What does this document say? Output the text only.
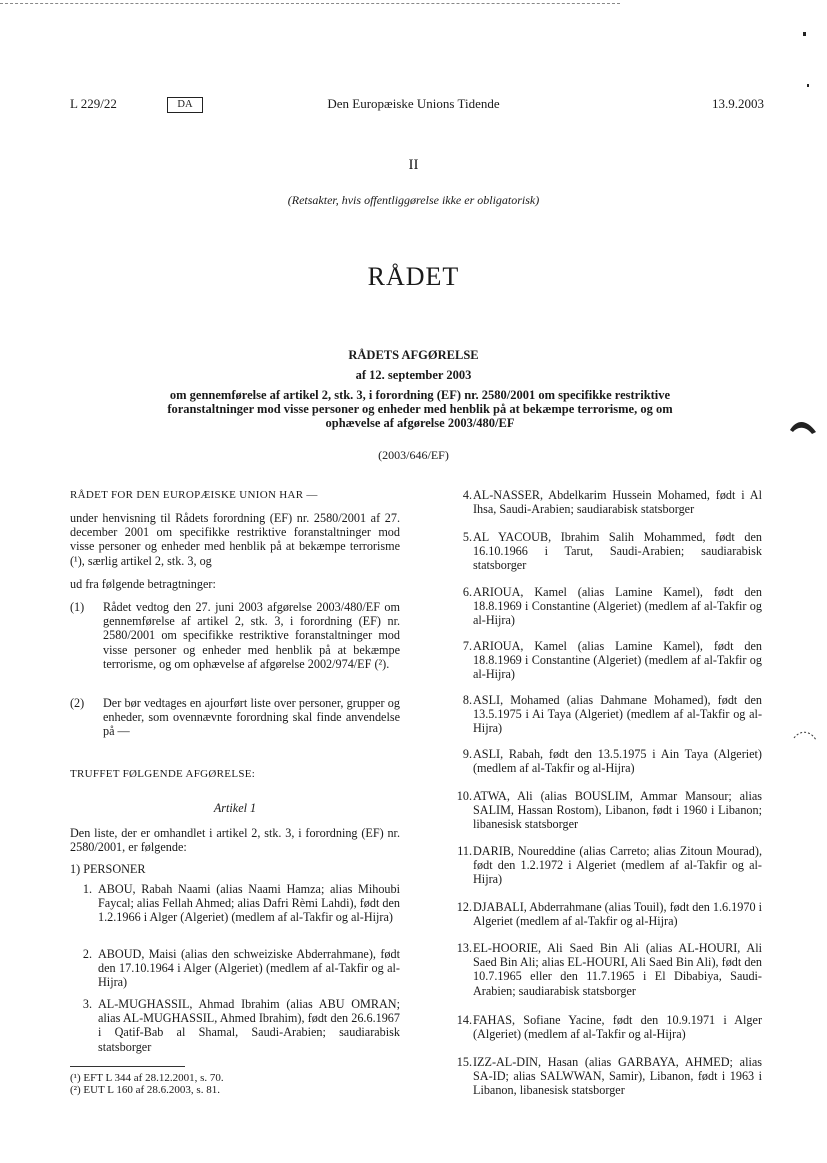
L 229/22	DA	Den Europæiske Unions Tidende	13.9.2003
II
(Retsakter, hvis offentliggørelse ikke er obligatorisk)
RÅDET
RÅDETS AFGØRELSE
af 12. september 2003
om gennemførelse af artikel 2, stk. 3, i forordning (EF) nr. 2580/2001 om specifikke restriktive foranstaltninger mod visse personer og enheder med henblik på at bekæmpe terrorisme, og om ophævelse af afgørelse 2003/480/EF
(2003/646/EF)
RÅDET FOR DEN EUROPÆISKE UNION HAR —
under henvisning til Rådets forordning (EF) nr. 2580/2001 af 27. december 2001 om specifikke restriktive foranstaltninger mod visse personer og enheder med henblik på at bekæmpe terrorisme (¹), særlig artikel 2, stk. 3, og
ud fra følgende betragtninger:
(1) Rådet vedtog den 27. juni 2003 afgørelse 2003/480/EF om gennemførelse af artikel 2, stk. 3, i forordning (EF) nr. 2580/2001 om specifikke restriktive foranstaltninger mod visse personer og enheder med henblik på at bekæmpe terrorisme, og om ophævelse af afgørelse 2002/974/EF (²).
(2) Der bør vedtages en ajourført liste over personer, grupper og enheder, som ovennævnte forordning skal finde anvendelse på —
TRUFFET FØLGENDE AFGØRELSE:
Artikel 1
Den liste, der er omhandlet i artikel 2, stk. 3, i forordning (EF) nr. 2580/2001, er følgende:
1) PERSONER
1. ABOU, Rabah Naami (alias Naami Hamza; alias Mihoubi Faycal; alias Fellah Ahmed; alias Dafri Rèmi Lahdi), født den 1.2.1966 i Alger (Algeriet) (medlem af al-Takfir og al-Hijra)
2. ABOUD, Maisi (alias den schweiziske Abderrahmane), født den 17.10.1964 i Alger (Algeriet) (medlem af al-Takfir og al-Hijra)
3. AL-MUGHASSIL, Ahmad Ibrahim (alias ABU OMRAN; alias AL-MUGHASSIL, Ahmed Ibrahim), født den 26.6.1967 i Qatif-Bab al Shamal, Saudi-Arabien; saudiarabisk statsborger
(¹) EFT L 344 af 28.12.2001, s. 70.
(²) EUT L 160 af 28.6.2003, s. 81.
4. AL-NASSER, Abdelkarim Hussein Mohamed, født i Al Ihsa, Saudi-Arabien; saudiarabisk statsborger
5. AL YACOUB, Ibrahim Salih Mohammed, født den 16.10.1966 i Tarut, Saudi-Arabien; saudiarabisk statsborger
6. ARIOUA, Kamel (alias Lamine Kamel), født den 18.8.1969 i Constantine (Algeriet) (medlem af al-Takfir og al-Hijra)
7. ARIOUA, Kamel (alias Lamine Kamel), født den 18.8.1969 i Constantine (Algeriet) (medlem af al-Takfir og al-Hijra)
8. ASLI, Mohamed (alias Dahmane Mohamed), født den 13.5.1975 i Ai Taya (Algeriet) (medlem af al-Takfir og al-Hijra)
9. ASLI, Rabah, født den 13.5.1975 i Ain Taya (Algeriet) (medlem af al-Takfir og al-Hijra)
10. ATWA, Ali (alias BOUSLIM, Ammar Mansour; alias SALIM, Hassan Rostom), Libanon, født i 1960 i Libanon; libanesisk statsborger
11. DARIB, Noureddine (alias Carreto; alias Zitoun Mourad), født den 1.2.1972 i Algeriet (medlem af al-Takfir og al-Hijra)
12. DJABALI, Abderrahmane (alias Touil), født den 1.6.1970 i Algeriet (medlem af al-Takfir og al-Hijra)
13. EL-HOORIE, Ali Saed Bin Ali (alias AL-HOURI, Ali Saed Bin Ali; alias EL-HOURI, Ali Saed Bin Ali), født den 10.7.1965 eller den 11.7.1965 i El Dibabiya, Saudi-Arabien; saudiarabisk statsborger
14. FAHAS, Sofiane Yacine, født den 10.9.1971 i Alger (Algeriet) (medlem af al-Takfir og al-Hijra)
15. IZZ-AL-DIN, Hasan (alias GARBAYA, AHMED; alias SA-ID; alias SALWWAN, Samir), Libanon, født i 1963 i Libanon, libanesisk statsborger
